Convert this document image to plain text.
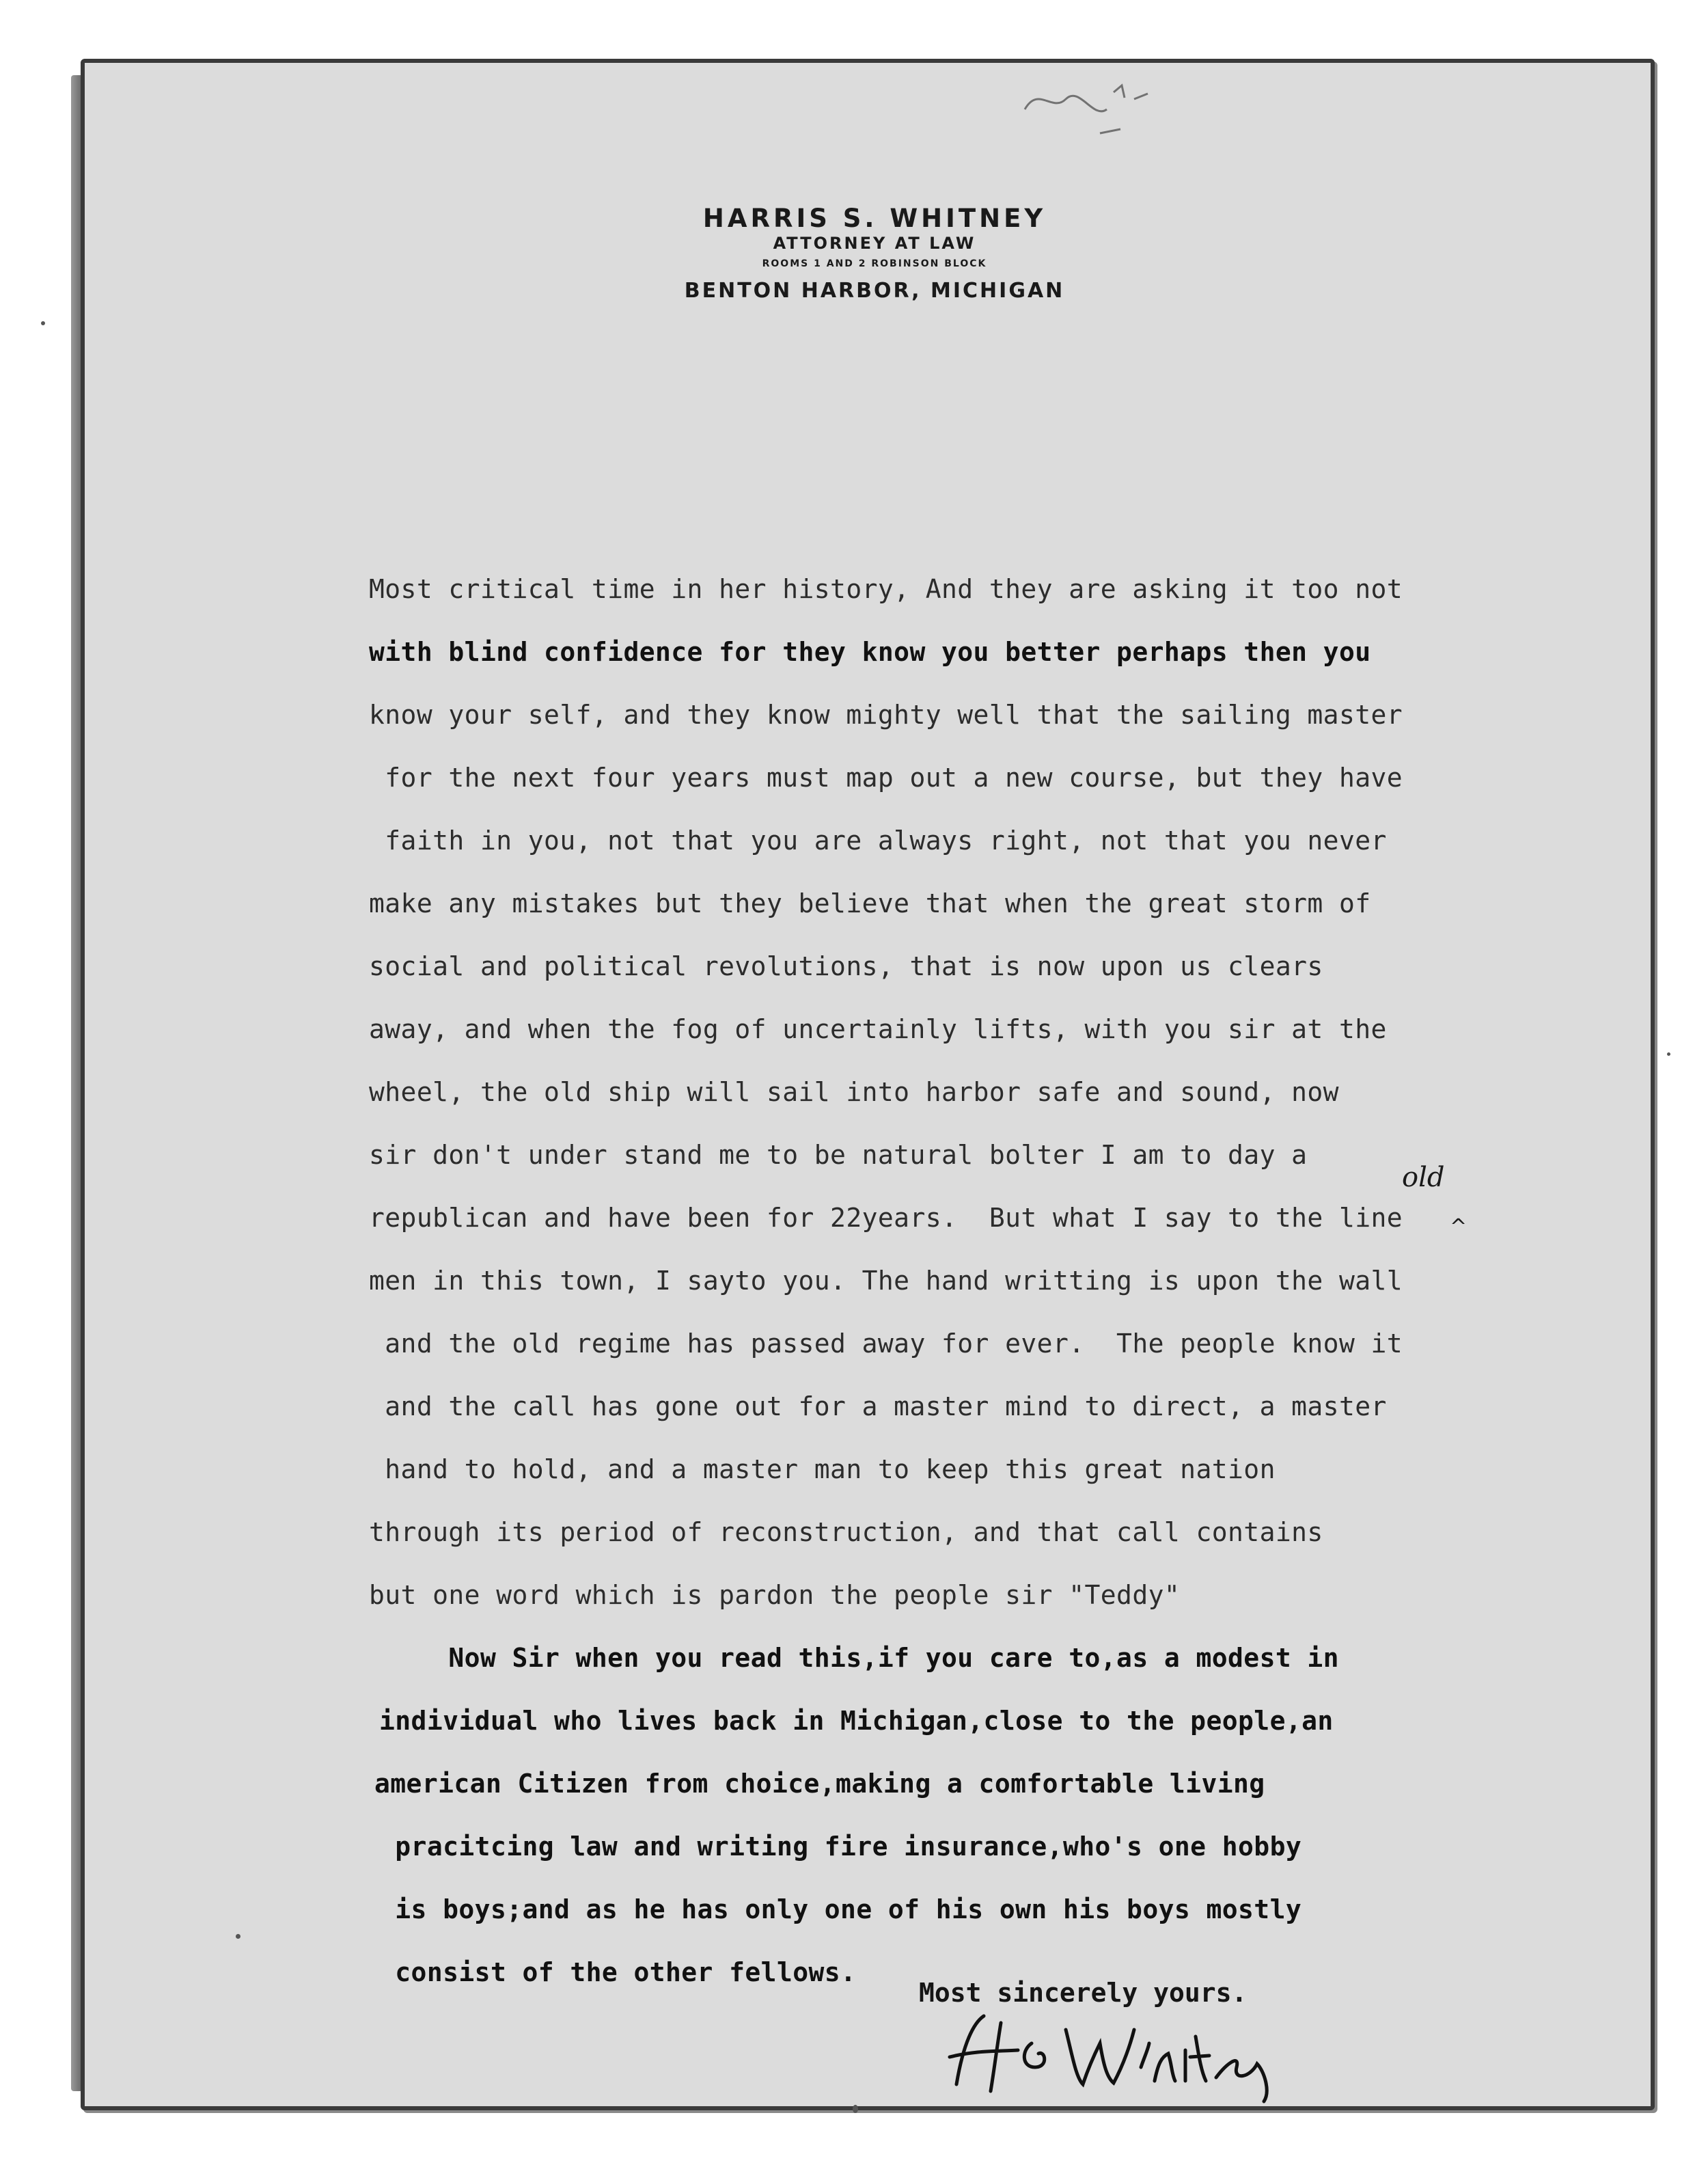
HARRIS S. WHITNEY
ATTORNEY AT LAW
ROOMS 1 AND 2 ROBINSON BLOCK
BENTON HARBOR, MICHIGAN
Most critical time in her history, And they are asking it too not
with blind confidence for they know you better perhaps then you
know your self, and they know mighty well that the sailing master
for the next four years must map out a new course, but they have
faith in you, not that you are always right, not that you never
make any mistakes but they believe that when the great storm of
social and political revolutions, that is now upon us clears
away, and when the fog of uncertainly lifts, with you sir at the
wheel, the old ship will sail into harbor safe and sound, now
sir don't under stand me to be natural bolter I am to day a
republican and have been for 22years.  But what I say to the line
men in this town, I sayto you. The hand writting is upon the wall
and the old regime has passed away for ever.  The people know it
and the call has gone out for a master mind to direct, a master
hand to hold, and a master man to keep this great nation
through its period of reconstruction, and that call contains
but one word which is pardon the people sir "Teddy"
Now Sir when you read this,if you care to,as a modest in
individual who lives back in Michigan,close to the people,an
american Citizen from choice,making a comfortable living
pracitcing law and writing fire insurance,who's one hobby
is boys;and as he has only one of his own his boys mostly
consist of the other fellows.
old
^
Most sincerely yours.
